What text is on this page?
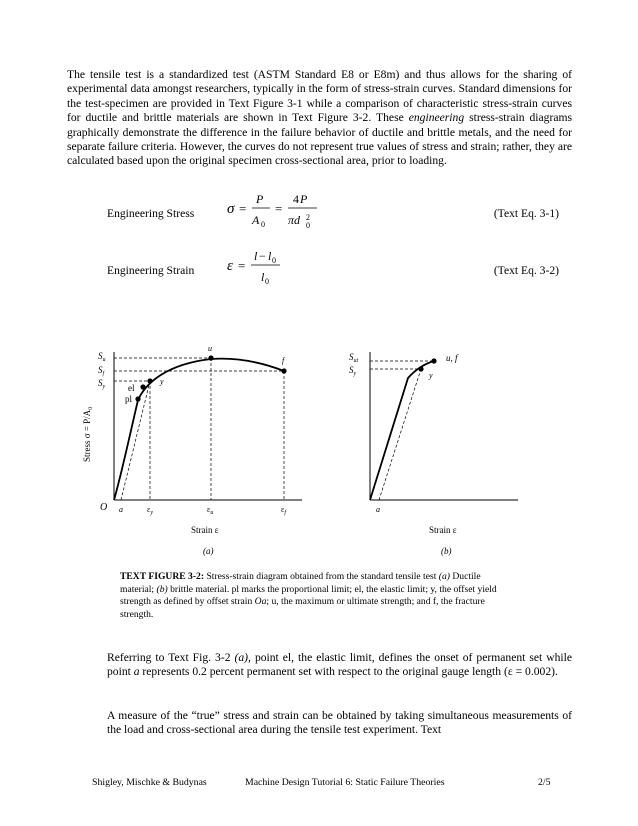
The tensile test is a standardized test (ASTM Standard E8 or E8m) and thus allows for the sharing of experimental data amongst researchers, typically in the form of stress-strain curves. Standard dimensions for the test-specimen are provided in Text Figure 3-1 while a comparison of characteristic stress-strain curves for ductile and brittle materials are shown in Text Figure 3-2. These engineering stress-strain diagrams graphically demonstrate the difference in the failure behavior of ductile and brittle metals, and the need for separate failure criteria. However, the curves do not represent true values of stress and strain; rather, they are calculated based upon the original specimen cross-sectional area, prior to loading.

Engineering Stress σ =
P
A 0
=
4 P
πd 2
0
(Text Eq. 3-1)
Engineering Strain ε =
l − l 0
l 0
(Text Eq. 3-2)
$S_u$
$S_f$
$S_y$	el
pl
y
u
f
O a	$\varepsilon_y$	$\varepsilon_u$	$\varepsilon_f$
Strain ε
(a)
Stress σ = P/A₀
$S_{ut}$
$S_y$
u, f
y
a
Strain ε
(b)
TEXT FIGURE 3-2: Stress-strain diagram obtained from the standard tensile test (a) Ductile material; (b) brittle material. pl marks the proportional limit; el, the elastic limit; y, the offset yield strength as defined by offset strain Oa; u, the maximum or ultimate strength; and f, the fracture strength.

Referring to Text Fig. 3-2 (a), point el, the elastic limit, defines the onset of permanent set while point a represents 0.2 percent permanent set with respect to the original gauge length (ε = 0.002).

A measure of the “true” stress and strain can be obtained by taking simultaneous measurements of the load and cross-sectional area during the tensile test experiment. Text

Shigley, Mischke & Budynas	Machine Design Tutorial 6: Static Failure Theories	2/5
